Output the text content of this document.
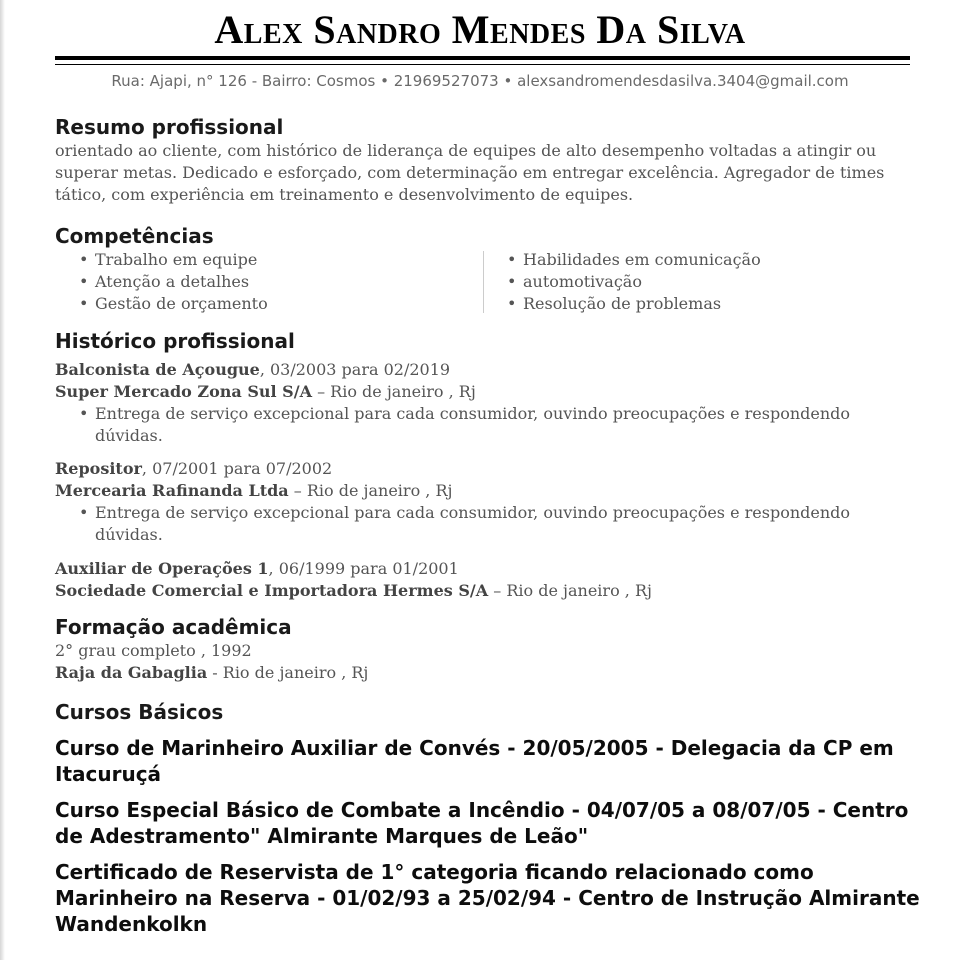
Alex Sandro Mendes Da Silva
Rua: Ajapi, n° 126 - Bairro: Cosmos • 21969527073 • alexsandromendesdasilva.3404@gmail.com
Resumo profissional

orientado ao cliente, com histórico de liderança de equipes de alto desempenho voltadas a atingir ou superar metas. Dedicado e esforçado, com determinação em entregar excelência. Agregador de times tático, com experiência em treinamento e desenvolvimento de equipes.

Competências
• Trabalho em equipe
• Atenção a detalhes
• Gestão de orçamento
• Habilidades em comunicação
• automotivação
• Resolução de problemas
Histórico profissional

Balconista de Açougue, 03/2003 para 02/2019

Super Mercado Zona Sul S/A – Rio de janeiro , Rj

• Entrega de serviço excepcional para cada consumidor, ouvindo preocupações e respondendo dúvidas.

Repositor, 07/2001 para 07/2002

Mercearia Rafinanda Ltda – Rio de janeiro , Rj

• Entrega de serviço excepcional para cada consumidor, ouvindo preocupações e respondendo dúvidas.

Auxiliar de Operações 1, 06/1999 para 01/2001

Sociedade Comercial e Importadora Hermes S/A – Rio de janeiro , Rj

Formação acadêmica

2° grau completo , 1992

Raja da Gabaglia - Rio de janeiro , Rj

Cursos Básicos

Curso de Marinheiro Auxiliar de Convés - 20/05/2005 - Delegacia da CP em Itacuruçá

Curso Especial Básico de Combate a Incêndio - 04/07/05 a 08/07/05 - Centro de Adestramento" Almirante Marques de Leão"

Certificado de Reservista de 1° categoria ficando relacionado como Marinheiro na Reserva - 01/02/93 a 25/02/94 - Centro de Instrução Almirante Wandenkolkn
